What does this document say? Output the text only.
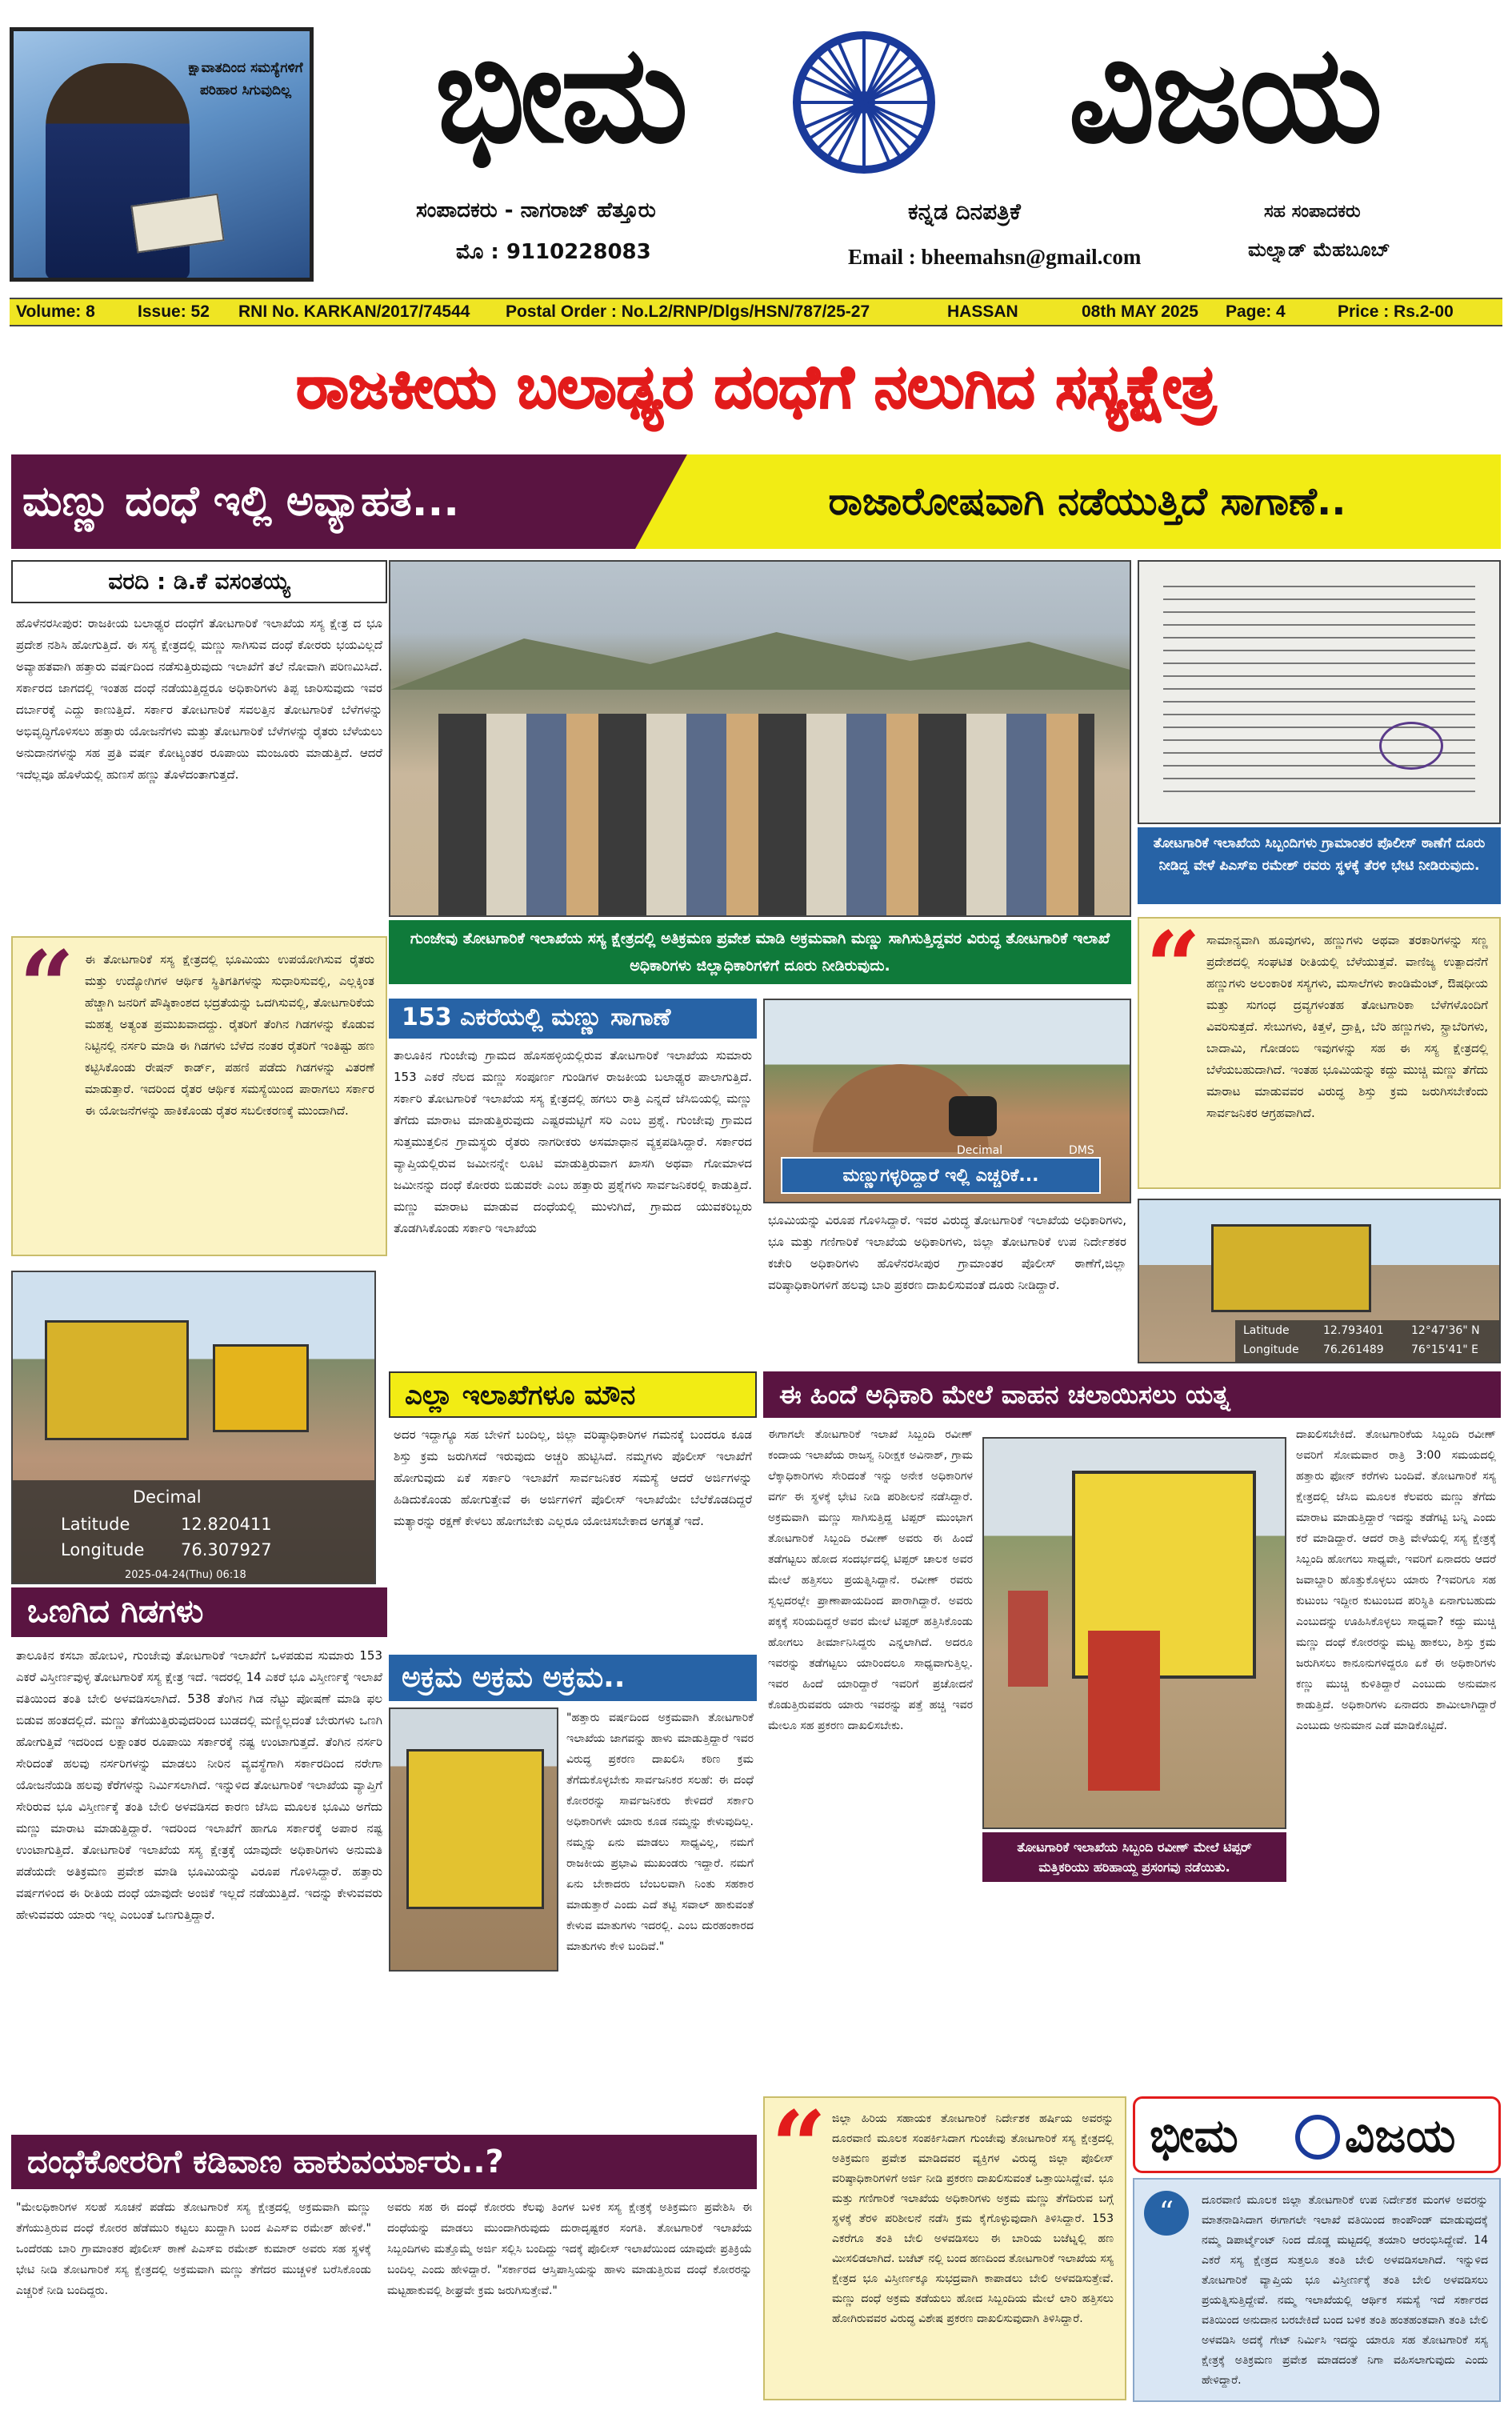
ಕ್ಷಾವಾತದಿಂದ ಸಮಸ್ಯೆಗಳಿಗೆ ಪರಿಹಾರ ಸಿಗುವುದಿಲ್ಲ	ಭೀಮ	ವಿಜಯ
ಸಂಪಾದಕರು - ನಾಗರಾಜ್ ಹೆತ್ತೂರು
ಮೊ : 9110228083
ಕನ್ನಡ ದಿನಪತ್ರಿಕೆ
Email : bheemahsn@gmail.com
ಸಹ ಸಂಪಾದಕರು
ಮಲ್ನಾಡ್ ಮೆಹಬೂಬ್
Volume: 8	Issue: 52 RNI No. KARKAN/2017/74544 Postal Order : No.L2/RNP/Dlgs/HSN/787/25-27	HASSAN	08th MAY 2025 Page: 4	Price : Rs.2-00
ರಾಜಕೀಯ ಬಲಾಢ್ಯರ ದಂಧೆಗೆ ನಲುಗಿದ ಸಸ್ಯಕ್ಷೇತ್ರ
ಮಣ್ಣು ದಂಧೆ ಇಲ್ಲಿ ಅವ್ಯಾಹತ...	ರಾಜಾರೋಷವಾಗಿ ನಡೆಯುತ್ತಿದೆ ಸಾಗಾಣೆ..
ವರದಿ : ಡಿ.ಕೆ ವಸಂತಯ್ಯ
ಹೊಳೆನರಸೀಪುರ: ರಾಜಕೀಯ ಬಲಾಢ್ಯರ ದಂಧೆಗೆ ತೋಟಗಾರಿಕೆ ಇಲಾಖೆಯ ಸಸ್ಯ ಕ್ಷೇತ್ರ ದ ಭೂ ಪ್ರದೇಶ ನಶಿಸಿ ಹೋಗುತ್ತಿದೆ. ಈ ಸಸ್ಯ ಕ್ಷೇತ್ರದಲ್ಲಿ ಮಣ್ಣು ಸಾಗಿಸುವ ದಂಧೆ ಕೋರರು ಭಯವಿಲ್ಲದೆ ಅವ್ಯಾಹತವಾಗಿ ಹತ್ತಾರು ವರ್ಷದಿಂದ ನಡೆಸುತ್ತಿರುವುದು ಇಲಾಖೆಗೆ ತಲೆ ನೋವಾಗಿ ಪರಿಣಮಿಸಿದೆ. ಸರ್ಕಾರದ ಜಾಗದಲ್ಲಿ ಇಂತಹ ದಂಧೆ ನಡೆಯುತ್ತಿದ್ದರೂ ಅಧಿಕಾರಿಗಳು ತಿಪ್ಪ ಜಾರಿಸುವುದು ಇವರ ದರ್ಬಾರಕ್ಕೆ ಎದ್ದು ಕಾಣುತ್ತಿದೆ. ಸರ್ಕಾರ ತೋಟಗಾರಿಕೆ ಸವಲತ್ತಿನ ತೋಟಗಾರಿಕೆ ಬೆಳೆಗಳನ್ನು ಅಭಿವೃದ್ಧಿಗೊಳಿಸಲು ಹತ್ತಾರು ಯೋಜನೆಗಳು ಮತ್ತು ತೋಟಗಾರಿಕೆ ಬೆಳೆಗಳನ್ನು ರೈತರು ಬೆಳೆಯಲು ಅನುದಾನಗಳನ್ನು ಸಹ ಪ್ರತಿ ವರ್ಷ ಕೋಟ್ಯಂತರ ರೂಪಾಯಿ ಮಂಜೂರು ಮಾಡುತ್ತಿದೆ. ಆದರೆ ಇದೆಲ್ಲವೂ ಹೊಳೆಯಲ್ಲಿ ಹುಣಸೆ ಹಣ್ಣು ತೊಳೆದಂತಾಗುತ್ತದೆ.
“ ಈ ತೋಟಗಾರಿಕೆ ಸಸ್ಯ ಕ್ಷೇತ್ರದಲ್ಲಿ ಭೂಮಿಯು ಉಪಯೋಗಿಸುವ ರೈತರು ಮತ್ತು ಉದ್ಯೋಗಿಗಳ ಆರ್ಥಿಕ ಸ್ಥಿತಿಗತಿಗಳನ್ನು ಸುಧಾರಿಸುವಲ್ಲಿ, ಎಲ್ಲಕ್ಕಿಂತ ಹೆಚ್ಚಾಗಿ ಜನರಿಗೆ ಪೌಷ್ಠಿಕಾಂಶದ ಭದ್ರತೆಯನ್ನು ಒದಗಿಸುವಲ್ಲಿ, ತೋಟಗಾರಿಕೆಯ ಮಹತ್ವ ಅತ್ಯಂತ ಪ್ರಮುಖವಾದದ್ದು. ರೈತರಿಗೆ ತೆಂಗಿನ ಗಿಡಗಳನ್ನು ಕೊಡುವ ನಿಟ್ಟಿನಲ್ಲಿ ನರ್ಸರಿ ಮಾಡಿ ಈ ಗಿಡಗಳು ಬೆಳೆದ ನಂತರ ರೈತರಿಗೆ ಇಂತಿಷ್ಟು ಹಣ ಕಟ್ಟಿಸಿಕೊಂಡು ರೇಷನ್ ಕಾರ್ಡ್, ಪಹಣಿ ಪಡೆದು ಗಿಡಗಳನ್ನು ವಿತರಣೆ ಮಾಡುತ್ತಾರೆ. ಇದರಿಂದ ರೈತರ ಆರ್ಥಿಕ ಸಮಸ್ಯೆಯಿಂದ ಪಾರಾಗಲು ಸರ್ಕಾರ ಈ ಯೋಜನೆಗಳನ್ನು ಹಾಕಿಕೊಂಡು ರೈತರ ಸಬಲೀಕರಣಕ್ಕೆ ಮುಂದಾಗಿದೆ.
Decimal
Latitude	12.820411
Longitude 76.307927
2025-04-24(Thu) 06:18
ಒಣಗಿದ ಗಿಡಗಳು
ತಾಲೂಕಿನ ಕಸಬಾ ಹೋಬಳಿ, ಗುಂಜೇವು ತೋಟಗಾರಿಕೆ ಇಲಾಖೆಗೆ ಒಳಪಡುವ ಸುಮಾರು 153 ಎಕರೆ ವಿಸ್ತೀರ್ಣವುಳ್ಳ ತೋಟಗಾರಿಕೆ ಸಸ್ಯ ಕ್ಷೇತ್ರ ಇದೆ. ಇದರಲ್ಲಿ 14 ಎಕರೆ ಭೂ ವಿಸ್ತೀರ್ಣಕ್ಕೆ ಇಲಾಖೆ ವತಿಯಿಂದ ತಂತಿ ಬೇಲಿ ಅಳವಡಿಸಲಾಗಿದೆ. 538 ತೆಂಗಿನ ಗಿಡ ನೆಟ್ಟು ಪೋಷಣೆ ಮಾಡಿ ಫಲ ಬಿಡುವ ಹಂತದಲ್ಲಿದೆ. ಮಣ್ಣು ತೆಗೆಯುತ್ತಿರುವುದರಿಂದ ಬುಡದಲ್ಲಿ ಮಣ್ಣಿಲ್ಲದಂತೆ ಬೇರುಗಳು ಒಣಗಿ ಹೋಗುತ್ತಿವೆ ಇದರಿಂದ ಲಕ್ಷಾಂತರ ರೂಪಾಯಿ ಸರ್ಕಾರಕ್ಕೆ ನಷ್ಟ ಉಂಟಾಗುತ್ತದೆ. ತೆಂಗಿನ ನರ್ಸರಿ ಸೇರಿದಂತೆ ಹಲವು ನರ್ಸರಿಗಳನ್ನು ಮಾಡಲು ನೀರಿನ ವ್ಯವಸ್ಥೆಗಾಗಿ ಸರ್ಕಾರದಿಂದ ನರೇಗಾ ಯೋಜನೆಯಡಿ ಹಲವು ಕೆರೆಗಳನ್ನು ನಿರ್ಮಿಸಲಾಗಿದೆ. ಇನ್ನುಳಿದ ತೋಟಗಾರಿಕೆ ಇಲಾಖೆಯ ವ್ಯಾಪ್ತಿಗೆ ಸೇರಿರುವ ಭೂ ವಿಸ್ತೀರ್ಣಕ್ಕೆ ತಂತಿ ಬೇಲಿ ಅಳವಡಿಸದ ಕಾರಣ ಜೆಸಿಬಿ ಮೂಲಕ ಭೂಮಿ ಅಗೆದು ಮಣ್ಣು ಮಾರಾಟ ಮಾಡುತ್ತಿದ್ದಾರೆ. ಇದರಿಂದ ಇಲಾಖೆಗೆ ಹಾಗೂ ಸರ್ಕಾರಕ್ಕೆ ಅಪಾರ ನಷ್ಟ ಉಂಟಾಗುತ್ತಿದೆ. ತೋಟಗಾರಿಕೆ ಇಲಾಖೆಯ ಸಸ್ಯ ಕ್ಷೇತ್ರಕ್ಕೆ ಯಾವುದೇ ಅಧಿಕಾರಿಗಳು ಅನುಮತಿ ಪಡೆಯದೇ ಅತಿಕ್ರಮಣ ಪ್ರವೇಶ ಮಾಡಿ ಭೂಮಿಯನ್ನು ವಿರೂಪ ಗೊಳಿಸಿದ್ದಾರೆ. ಹತ್ತಾರು ವರ್ಷಗಳಿಂದ ಈ ರೀತಿಯ ದಂಧೆ ಯಾವುದೇ ಅಂಜಿಕೆ ಇಲ್ಲದೆ ನಡೆಯುತ್ತಿದೆ. ಇದನ್ನು ಕೇಳುವವರು ಹೇಳುವವರು ಯಾರು ಇಲ್ಲ ಎಂಬಂತೆ ಒಣಗುತ್ತಿದ್ದಾರೆ.
ಗುಂಜೇವು ತೋಟಗಾರಿಕೆ ಇಲಾಖೆಯ ಸಸ್ಯ ಕ್ಷೇತ್ರದಲ್ಲಿ ಅತಿಕ್ರಮಣ ಪ್ರವೇಶ ಮಾಡಿ ಅಕ್ರಮವಾಗಿ ಮಣ್ಣು ಸಾಗಿಸುತ್ತಿದ್ದವರ ವಿರುದ್ಧ ತೋಟಗಾರಿಕೆ ಇಲಾಖೆ ಅಧಿಕಾರಿಗಳು ಜಿಲ್ಲಾಧಿಕಾರಿಗಳಿಗೆ ದೂರು ನೀಡಿರುವುದು.
ತೋಟಗಾರಿಕೆ ಇಲಾಖೆಯ ಸಿಬ್ಬಂದಿಗಳು ಗ್ರಾಮಾಂತರ ಪೊಲೀಸ್ ಠಾಣೆಗೆ ದೂರು ನೀಡಿದ್ದ ವೇಳೆ ಪಿಎಸ್‌ಐ ರಮೇಶ್ ರವರು ಸ್ಥಳಕ್ಕೆ ತೆರಳಿ ಭೇಟಿ ನೀಡಿರುವುದು.
“ ಸಾಮಾನ್ಯವಾಗಿ ಹೂವುಗಳು, ಹಣ್ಣುಗಳು ಅಥವಾ ತರಕಾರಿಗಳನ್ನು ಸಣ್ಣ ಪ್ರದೇಶದಲ್ಲಿ ಸಂಘಟಿತ ರೀತಿಯಲ್ಲಿ ಬೆಳೆಯುತ್ತವೆ. ವಾಣಿಜ್ಯ ಉತ್ಪಾದನೆಗೆ ಹಣ್ಣುಗಳು ಅಲಂಕಾರಿಕ ಸಸ್ಯಗಳು, ಮಸಾಲೆಗಳು ಕಾಂಡಿಮೆಂಟ್, ಔಷಧೀಯ ಮತ್ತು ಸುಗಂಧ ದ್ರವ್ಯಗಳಂತಹ ತೋಟಗಾರಿಕಾ ಬೆಳೆಗಳೊಂದಿಗೆ ವಿವರಿಸುತ್ತದೆ. ಸೇಬುಗಳು, ಕಿತ್ತಳೆ, ದ್ರಾಕ್ಷಿ, ಬೆರಿ ಹಣ್ಣುಗಳು, ಸ್ಟ್ರಾಬೆರಿಗಳು, ಬಾದಾಮಿ, ಗೋಡಂಬಿ ಇವುಗಳನ್ನು ಸಹ ಈ ಸಸ್ಯ ಕ್ಷೇತ್ರದಲ್ಲಿ ಬೆಳೆಯಬಹುದಾಗಿದೆ. ಇಂತಹ ಭೂಮಿಯನ್ನು ಕದ್ದು ಮುಚ್ಚಿ ಮಣ್ಣು ತೆಗೆದು ಮಾರಾಟ ಮಾಡುವವರ ವಿರುದ್ಧ ಶಿಸ್ತು ಕ್ರಮ ಜರುಗಿಸಬೇಕೆಂದು ಸಾರ್ವಜನಿಕರ ಆಗ್ರಹವಾಗಿದೆ.
Latitude	12.793401 12°47'36" N
Longitude 76.261489 76°15'41" E
153 ಎಕರೆಯಲ್ಲಿ ಮಣ್ಣು ಸಾಗಾಣೆ
ತಾಲೂಕಿನ ಗುಂಜೇವು ಗ್ರಾಮದ ಹೊಸಹಳ್ಳಿಯಲ್ಲಿರುವ ತೋಟಗಾರಿಕೆ ಇಲಾಖೆಯ ಸುಮಾರು 153 ಎಕರೆ ನೆಲದ ಮಣ್ಣು ಸಂಪೂರ್ಣ ಗುಂಡಿಗಳ ರಾಜಕೀಯ ಬಲಾಢ್ಯರ ಪಾಲಾಗುತ್ತಿದೆ. ಸರ್ಕಾರಿ ತೋಟಗಾರಿಕೆ ಇಲಾಖೆಯ ಸಸ್ಯ ಕ್ಷೇತ್ರದಲ್ಲಿ ಹಗಲು ರಾತ್ರಿ ಎನ್ನದೆ ಜೆಸಿಬಿಯಲ್ಲಿ ಮಣ್ಣು ತೆಗೆದು ಮಾರಾಟ ಮಾಡುತ್ತಿರುವುದು ಎಷ್ಟರಮಟ್ಟಿಗೆ ಸರಿ ಎಂಬ ಪ್ರಶ್ನೆ. ಗುಂಜೇವು ಗ್ರಾಮದ ಸುತ್ತಮುತ್ತಲಿನ ಗ್ರಾಮಸ್ಥರು ರೈತರು ನಾಗರೀಕರು ಅಸಮಾಧಾನ ವ್ಯಕ್ತಪಡಿಸಿದ್ದಾರೆ. ಸರ್ಕಾರದ ವ್ಯಾಪ್ತಿಯಲ್ಲಿರುವ ಜಮೀನನ್ನೇ ಲೂಟಿ ಮಾಡುತ್ತಿರುವಾಗ ಖಾಸಗಿ ಅಥವಾ ಗೋಮಾಳದ ಜಮೀನನ್ನು ದಂಧೆ ಕೋರರು ಬಿಡುವರೇ ಎಂಬ ಹತ್ತಾರು ಪ್ರಶ್ನೆಗಳು ಸಾರ್ವಜನಿಕರಲ್ಲಿ ಕಾಡುತ್ತಿದೆ. ಮಣ್ಣು ಮಾರಾಟ ಮಾಡುವ ದಂಧೆಯಲ್ಲಿ ಮುಳುಗಿದೆ, ಗ್ರಾಮದ ಯುವಕರಿಬ್ಬರು ತೊಡಗಿಸಿಕೊಂಡು ಸರ್ಕಾರಿ ಇಲಾಖೆಯ
Decimal	DMS
ಮಣ್ಣುಗಳ್ಳರಿದ್ದಾರೆ ಇಲ್ಲಿ ಎಚ್ಚರಿಕೆ...
ಭೂಮಿಯನ್ನು ವಿರೂಪ ಗೊಳಿಸಿದ್ದಾರೆ. ಇವರ ವಿರುದ್ಧ ತೋಟಗಾರಿಕೆ ಇಲಾಖೆಯ ಅಧಿಕಾರಿಗಳು, ಭೂ ಮತ್ತು ಗಣಿಗಾರಿಕೆ ಇಲಾಖೆಯ ಅಧಿಕಾರಿಗಳು, ಜಿಲ್ಲಾ ತೋಟಗಾರಿಕೆ ಉಪ ನಿರ್ದೇಶಕರ ಕಚೇರಿ ಅಧಿಕಾರಿಗಳು ಹೊಳೆನರಸೀಪುರ ಗ್ರಾಮಾಂತರ ಪೊಲೀಸ್ ಠಾಣೆಗೆ,ಜಿಲ್ಲಾ ವರಿಷ್ಠಾಧಿಕಾರಿಗಳಿಗೆ ಹಲವು ಬಾರಿ ಪ್ರಕರಣ ದಾಖಲಿಸುವಂತೆ ದೂರು ನೀಡಿದ್ದಾರೆ.
ಎಲ್ಲಾ ಇಲಾಖೆಗಳೂ ಮೌನ
ಅದರ ಇದ್ದಾಗ್ಯೂ ಸಹ ಬೇಳಿಗೆ ಬಂದಿಲ್ಲ, ಜಿಲ್ಲಾ ವರಿಷ್ಠಾಧಿಕಾರಿಗಳ ಗಮನಕ್ಕೆ ಬಂದರೂ ಕೂಡ ಶಿಸ್ತು ಕ್ರಮ ಜರುಗಿಸದೆ ಇರುವುದು ಅಚ್ಚರಿ ಹುಟ್ಟಿಸಿದೆ. ನಮ್ಮಗಳು ಪೊಲೀಸ್ ಇಲಾಖೆಗೆ ಹೋಗುವುದು ಏಕೆ ಸರ್ಕಾರಿ ಇಲಾಖೆಗೆ ಸಾರ್ವಜನಿಕರ ಸಮಸ್ಯೆ ಆದರೆ ಅರ್ಜಿಗಳನ್ನು ಹಿಡಿದುಕೊಂಡು ಹೋಗುತ್ತೇವೆ ಈ ಅರ್ಜಿಗಳಿಗೆ ಪೊಲೀಸ್ ಇಲಾಖೆಯೇ ಬೆಲೆಕೊಡದಿದ್ದರೆ ಮತ್ಯಾರನ್ನು ರಕ್ಷಣೆ ಕೇಳಲು ಹೋಗಬೇಕು ಎಲ್ಲರೂ ಯೋಚಿಸಬೇಕಾದ ಅಗತ್ಯತೆ ಇದೆ.
ಈ ಹಿಂದೆ ಅಧಿಕಾರಿ ಮೇಲೆ ವಾಹನ ಚಲಾಯಿಸಲು ಯತ್ನ
ಈಗಾಗಲೇ ತೋಟಗಾರಿಕೆ ಇಲಾಖೆ ಸಿಬ್ಬಂದಿ ರವೀಣ್ ಕಂದಾಯ ಇಲಾಖೆಯ ರಾಜಸ್ವ ನಿರೀಕ್ಷಕ ಅವಿನಾಶ್, ಗ್ರಾಮ ಲೆಕ್ಕಾಧಿಕಾರಿಗಳು ಸೇರಿದಂತೆ ಇನ್ನು ಅನೇಕ ಅಧಿಕಾರಿಗಳ ವರ್ಗ ಈ ಸ್ಥಳಕ್ಕೆ ಭೇಟಿ ನೀಡಿ ಪರಿಶೀಲನೆ ನಡೆಸಿದ್ದಾರೆ. ಅಕ್ರಮವಾಗಿ ಮಣ್ಣು ಸಾಗಿಸುತ್ತಿದ್ದ ಟಿಪ್ಪರ್ ಮುಂಭಾಗ ತೋಟಗಾರಿಕೆ ಸಿಬ್ಬಂದಿ ರವೀಣ್ ಅವರು ಈ ಹಿಂದೆ ತಡೆಗಟ್ಟಲು ಹೋದ ಸಂದರ್ಭದಲ್ಲಿ ಟಿಪ್ಪರ್ ಚಾಲಕ ಅವರ ಮೇಲೆ ಹತ್ತಿಸಲು ಪ್ರಯತ್ನಿಸಿದ್ದಾನೆ. ರವೀಣ್ ರವರು ಸ್ವಲ್ಪದರಲ್ಲೇ ಪ್ರಾಣಾಪಾಯದಿಂದ ಪಾರಾಗಿದ್ದಾರೆ. ಅವರು ಪಕ್ಕಕ್ಕೆ ಸರಿಯದಿದ್ದರೆ ಅವರ ಮೇಲೆ ಟಿಪ್ಪರ್ ಹತ್ತಿಸಿಕೊಂಡು ಹೋಗಲು ತೀರ್ಮಾನಿಸಿದ್ದರು ಎನ್ನಲಾಗಿದೆ. ಅದರೂ ಇವರನ್ನು ತಡೆಗಟ್ಟಲು ಯಾರಿಂದಲೂ ಸಾಧ್ಯವಾಗುತ್ತಿಲ್ಲ. ಇವರ ಹಿಂದೆ ಯಾರಿದ್ದಾರೆ ಇವರಿಗೆ ಪ್ರಚೋದನೆ ಕೊಡುತ್ತಿರುವವರು ಯಾರು ಇವರನ್ನು ಪತ್ತೆ ಹಚ್ಚಿ ಇವರ ಮೇಲೂ ಸಹ ಪ್ರಕರಣ ದಾಖಲಿಸಬೇಕು.
ತೋಟಗಾರಿಕೆ ಇಲಾಖೆಯ ಸಿಬ್ಬಂದಿ ರವೀಣ್ ಮೇಲೆ ಟಿಪ್ಪರ್ ಮತ್ತಿಕರಿಯು ಹರಿಹಾಯ್ದ ಪ್ರಸಂಗವು ನಡೆಯಿತು.
ದಾಖಲಿಸಬೇಕಿದೆ. ತೋಟಗಾರಿಕೆಯ ಸಿಬ್ಬಂದಿ ರವೀಣ್ ಅವರಿಗೆ ಸೋಮವಾರ ರಾತ್ರಿ 3:00 ಸಮಯದಲ್ಲಿ ಹತ್ತಾರು ಫೋನ್ ಕರೆಗಳು ಬಂದಿವೆ. ತೋಟಗಾರಿಕೆ ಸಸ್ಯ ಕ್ಷೇತ್ರದಲ್ಲಿ ಜೆಸಿಬಿ ಮೂಲಕ ಕೆಲವರು ಮಣ್ಣು ತೆಗೆದು ಮಾರಾಟ ಮಾಡುತ್ತಿದ್ದಾರೆ ಇದನ್ನು ತಡೆಗಟ್ಟಿ ಬನ್ನಿ ಎಂದು ಕರೆ ಮಾಡಿದ್ದಾರೆ. ಆದರೆ ರಾತ್ರಿ ವೇಳೆಯಲ್ಲಿ ಸಸ್ಯ ಕ್ಷೇತ್ರಕ್ಕೆ ಸಿಬ್ಬಂದಿ ಹೋಗಲು ಸಾಧ್ಯವೇ, ಇವರಿಗೆ ಏನಾದರು ಆದರೆ ಜವಾಬ್ದಾರಿ ಹೊತ್ತುಕೊಳ್ಳಲು ಯಾರು ?ಇವರಿಗೂ ಸಹ ಕುಟುಂಬ ಇದ್ದೀರ ಕುಟುಂಬದ ಪರಿಸ್ಥಿತಿ ಏನಾಗುಬಹುದು ಎಂಬುದನ್ನು ಊಹಿಸಿಕೊಳ್ಳಲು ಸಾಧ್ಯವಾ? ಕದ್ದು ಮುಚ್ಚಿ ಮಣ್ಣು ದಂಧೆ ಕೋರರನ್ನು ಮಟ್ಟ ಹಾಕಲು, ಶಿಸ್ತು ಕ್ರಮ ಜರುಗಿಸಲು ಕಾನೂನುಗಳಿದ್ದರೂ ಏಕೆ ಈ ಅಧಿಕಾರಿಗಳು ಕಣ್ಣು ಮುಚ್ಚಿ ಕುಳಿತಿದ್ದಾರೆ ಎಂಬುದು ಅನುಮಾನ ಕಾಡುತ್ತಿದೆ. ಅಧಿಕಾರಿಗಳು ಏನಾದರು ಶಾಮೀಲಾಗಿದ್ದಾರೆ ಎಂಬುದು ಅನುಮಾನ ಎಡೆ ಮಾಡಿಕೊಟ್ಟಿದೆ.
ಅಕ್ರಮ ಅಕ್ರಮ ಅಕ್ರಮ..
"ಹತ್ತಾರು ವರ್ಷದಿಂದ ಅಕ್ರಮವಾಗಿ ತೋಟಗಾರಿಕೆ ಇಲಾಖೆಯ ಜಾಗವನ್ನು ಹಾಳು ಮಾಡುತ್ತಿದ್ದಾರೆ ಇವರ ವಿರುದ್ಧ ಪ್ರಕರಣ ದಾಖಲಿಸಿ ಕಠಿಣ ಕ್ರಮ ತೆಗೆದುಕೊಳ್ಳಬೇಕು ಸಾರ್ವಜನಿಕರ ಸಲಹೆ: ಈ ದಂಧೆ ಕೋರರನ್ನು ಸಾರ್ವಜನಿಕರು ಕೇಳಿದರೆ ಸರ್ಕಾರಿ ಅಧಿಕಾರಿಗಳೇ ಯಾರು ಕೂಡ ನಮ್ಮನ್ನು ಕೇಳುವುದಿಲ್ಲ. ನಮ್ಮನ್ನು ಏನು ಮಾಡಲು ಸಾಧ್ಯವಿಲ್ಲ, ನಮಗೆ ರಾಜಕೀಯ ಪ್ರಭಾವಿ ಮುಖಂಡರು ಇದ್ದಾರೆ. ನಮಗೆ ಏನು ಬೇಕಾದರು ಬೆಂಬಲವಾಗಿ ನಿಂತು ಸಹಕಾರ ಮಾಡುತ್ತಾರೆ ಎಂದು ಎದೆ ತಟ್ಟಿ ಸವಾಲ್ ಹಾಕುವಂತೆ ಕೇಳುವ ಮಾತುಗಳು ಇದರಲ್ಲಿ. ಎಂಬ ದುರಹಂಕಾರದ ಮಾತುಗಳು ಕೇಳಿ ಬಂದಿವೆ."
“ ಜಿಲ್ಲಾ ಹಿರಿಯ ಸಹಾಯಕ ತೋಟಗಾರಿಕೆ ನಿರ್ದೇಶಕ ಹರ್ಷಿಯ ಅವರನ್ನು ದೂರವಾಣಿ ಮೂಲಕ ಸಂಪರ್ಕಿಸಿದಾಗ ಗುಂಜೇವು ತೋಟಗಾರಿಕೆ ಸಸ್ಯ ಕ್ಷೇತ್ರದಲ್ಲಿ ಅತಿಕ್ರಮಣ ಪ್ರವೇಶ ಮಾಡಿದವರ ವ್ಯಕ್ತಿಗಳ ವಿರುದ್ಧ ಜಿಲ್ಲಾ ಪೊಲೀಸ್ ವರಿಷ್ಠಾಧಿಕಾರಿಗಳಿಗೆ ಅರ್ಜಿ ನೀಡಿ ಪ್ರಕರಣ ದಾಖಲಿಸುವಂತೆ ಒತ್ತಾಯಿಸಿದ್ದೇವೆ. ಭೂ ಮತ್ತು ಗಣಿಗಾರಿಕೆ ಇಲಾಖೆಯ ಅಧಿಕಾರಿಗಳು ಅಕ್ರಮ ಮಣ್ಣು ತೆಗೆದಿರುವ ಬಗ್ಗೆ ಸ್ಥಳಕ್ಕೆ ತೆರಳಿ ಪರಿಶೀಲನೆ ನಡೆಸಿ ಕ್ರಮ ಕೈಗೊಳ್ಳುವುದಾಗಿ ತಿಳಿಸಿದ್ದಾರೆ. 153 ಎಕರೆಗೂ ತಂತಿ ಬೇಲಿ ಅಳವಡಿಸಲು ಈ ಬಾರಿಯ ಬಜೆಟ್ನಲ್ಲಿ ಹಣ ಮೀಸಲಿಡಲಾಗಿದೆ. ಬಜೆಟ್ ನಲ್ಲಿ ಬಂದ ಹಣದಿಂದ ತೋಟಗಾರಿಕೆ ಇಲಾಖೆಯ ಸಸ್ಯ ಕ್ಷೇತ್ರದ ಭೂ ವಿಸ್ತೀರ್ಣಕ್ಕೂ ಸುಭದ್ರವಾಗಿ ಕಾಪಾಡಲು ಬೇಲಿ ಅಳವಡಿಸುತ್ತೇವೆ. ಮಣ್ಣು ದಂಧೆ ಅಕ್ರಮ ತಡೆಯಲು ಹೋದ ಸಿಬ್ಬಂದಿಯ ಮೇಲೆ ಲಾರಿ ಹತ್ತಿಸಲು ಹೋಗಿರುವವರ ವಿರುದ್ಧ ವಿಶೇಷ ಪ್ರಕರಣ ದಾಖಲಿಸುವುದಾಗಿ ತಿಳಿಸಿದ್ದಾರೆ.
ಭೀಮ ವಿಜಯ
“	ದೂರವಾಣಿ ಮೂಲಕ ಜಿಲ್ಲಾ ತೋಟಗಾರಿಕೆ ಉಪ ನಿರ್ದೇಶಕ ಮಂಗಳ ಅವರನ್ನು ಮಾತನಾಡಿಸಿದಾಗ ಈಗಾಗಲೇ ಇಲಾಖೆ ವತಿಯಿಂದ ಕಾಂಪೌಂಡ್ ಮಾಡುವುದಕ್ಕೆ ನಮ್ಮ ಡಿಪಾರ್ಟ್ಮೆಂಟ್ ನಿಂದ ದೊಡ್ಡ ಮಟ್ಟದಲ್ಲಿ ತಯಾರಿ ಆರಂಭಿಸಿದ್ದೇವೆ. 14 ಎಕರೆ ಸಸ್ಯ ಕ್ಷೇತ್ರದ ಸುತ್ತಲೂ ತಂತಿ ಬೇಲಿ ಅಳವಡಿಸಲಾಗಿದೆ. ಇನ್ನುಳಿದ ತೋಟಗಾರಿಕೆ ವ್ಯಾಪ್ತಿಯ ಭೂ ವಿಸ್ತೀರ್ಣಕ್ಕೆ ತಂತಿ ಬೇಲಿ ಅಳವಡಿಸಲು ಪ್ರಯತ್ನಿಸುತ್ತಿದ್ದೇವೆ. ನಮ್ಮ ಇಲಾಖೆಯಲ್ಲಿ ಆರ್ಥಿಕ ಸಮಸ್ಯೆ ಇದೆ ಸರ್ಕಾರದ ವತಿಯಿಂದ ಅನುದಾನ ಬರಬೇಕಿದೆ ಬಂದ ಬಳಿಕ ತಂತಿ ಹಂತಹಂತವಾಗಿ ತಂತಿ ಬೇಲಿ ಅಳವಡಿಸಿ ಅದಕ್ಕೆ ಗೇಟ್ ನಿರ್ಮಿಸಿ ಇದನ್ನು ಯಾರೂ ಸಹ ತೋಟಗಾರಿಕೆ ಸಸ್ಯ ಕ್ಷೇತ್ರಕ್ಕೆ ಅತಿಕ್ರಮಣ ಪ್ರವೇಶ ಮಾಡದಂತೆ ನಿಗಾ ವಹಿಸಲಾಗುವುದು ಎಂದು ಹೇಳಿದ್ದಾರೆ.
ದಂಧೆಕೋರರಿಗೆ ಕಡಿವಾಣ ಹಾಕುವರ್ಯಾರು..?
"ಮೇಲಧಿಕಾರಿಗಳ ಸಲಹೆ ಸೂಚನೆ ಪಡೆದು ತೋಟಗಾರಿಕೆ ಸಸ್ಯ ಕ್ಷೇತ್ರದಲ್ಲಿ ಅಕ್ರಮವಾಗಿ ಮಣ್ಣು ತೆಗೆಯುತ್ತಿರುವ ದಂಧೆ ಕೋರರ ಹೆಡೆಮುರಿ ಕಟ್ಟಲು ಖುದ್ದಾಗಿ ಬಂದ ಪಿಎಸ್ಐ ರಮೇಶ್ ಹೇಳಿಕೆ." ಒಂದೆರಡು ಬಾರಿ ಗ್ರಾಮಾಂತರ ಪೊಲೀಸ್ ಠಾಣೆ ಪಿಎಸ್ಐ ರಮೇಶ್ ಕುಮಾರ್ ಅವರು ಸಹ ಸ್ಥಳಕ್ಕೆ ಭೇಟಿ ನೀಡಿ ತೋಟಗಾರಿಕೆ ಸಸ್ಯ ಕ್ಷೇತ್ರದಲ್ಲಿ ಅಕ್ರಮವಾಗಿ ಮಣ್ಣು ತೆಗೆದರ ಮುಚ್ಚಳಿಕೆ ಬರೆಸಿಕೊಂಡು ಎಚ್ಚರಿಕೆ ನೀಡಿ ಬಂದಿದ್ದರು.
ಅವರು ಸಹ ಈ ದಂಧೆ ಕೋರರು ಕೆಲವು ತಿಂಗಳ ಬಳಿಕ ಸಸ್ಯ ಕ್ಷೇತ್ರಕ್ಕೆ ಅತಿಕ್ರಮಣ ಪ್ರವೇಶಿಸಿ ಈ ದಂಧೆಯನ್ನು ಮಾಡಲು ಮುಂದಾಗಿರುವುದು ದುರಾದೃಷ್ಟಕರ ಸಂಗತಿ. ತೋಟಗಾರಿಕೆ ಇಲಾಖೆಯ ಸಿಬ್ಬಂದಿಗಳು ಮತ್ತೊಮ್ಮೆ ಅರ್ಜಿ ಸಲ್ಲಿಸಿ ಬಂದಿದ್ದು ಇದಕ್ಕೆ ಪೊಲೀಸ್ ಇಲಾಖೆಯಿಂದ ಯಾವುದೇ ಪ್ರತಿಕ್ರಿಯೆ ಬಂದಿಲ್ಲ ಎಂದು ಹೇಳಿದ್ದಾರೆ. "ಸರ್ಕಾರದ ಆಸ್ತಿಪಾಸ್ತಿಯನ್ನು ಹಾಳು ಮಾಡುತ್ತಿರುವ ದಂಧೆ ಕೋರರನ್ನು ಮಟ್ಟಹಾಕುವಲ್ಲಿ ಶೀಘ್ರವೇ ಕ್ರಮ ಜರುಗಿಸುತ್ತೇವೆ."
